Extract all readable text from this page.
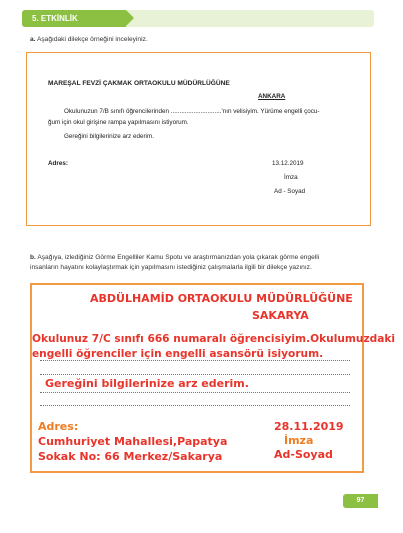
5. ETKİNLİK
a. Aşağıdaki dilekçe örneğini inceleyiniz.
MAREŞAL FEVZİ ÇAKMAK ORTAOKULU MÜDÜRLÜĞÜNE
ANKARA
Okulunuzun 7/B sınıfı öğrencilerinden .............................'nın velisiyim. Yürüme engelli çocu-
ğum için okul girişine rampa yapılmasını istiyorum.
Gereğini bilgilerinize arz ederim.
Adres:	13.12.2019
İmza
Ad - Soyad
b. Aşağıya, izlediğiniz Görme Engelliler Kamu Spotu ve araştırmanızdan yola çıkarak görme engelli
insanların hayatını kolaylaştırmak için yapılmasını istediğiniz çalışmalarla ilgili bir dilekçe yazınız.
ABDÜLHAMİD ORTAOKULU MÜDÜRLÜĞÜNE
SAKARYA
Okulunuz 7/C sınıfı 666 numaralı öğrencisiyim.Okulumuzdaki
engelli öğrenciler için engelli asansörü isiyorum.
Gereğini bilgilerinize arz ederim.
Adres:
Cumhuriyet Mahallesi,Papatya
Sokak No: 66 Merkez/Sakarya
28.11.2019
İmza
Ad-Soyad
97
